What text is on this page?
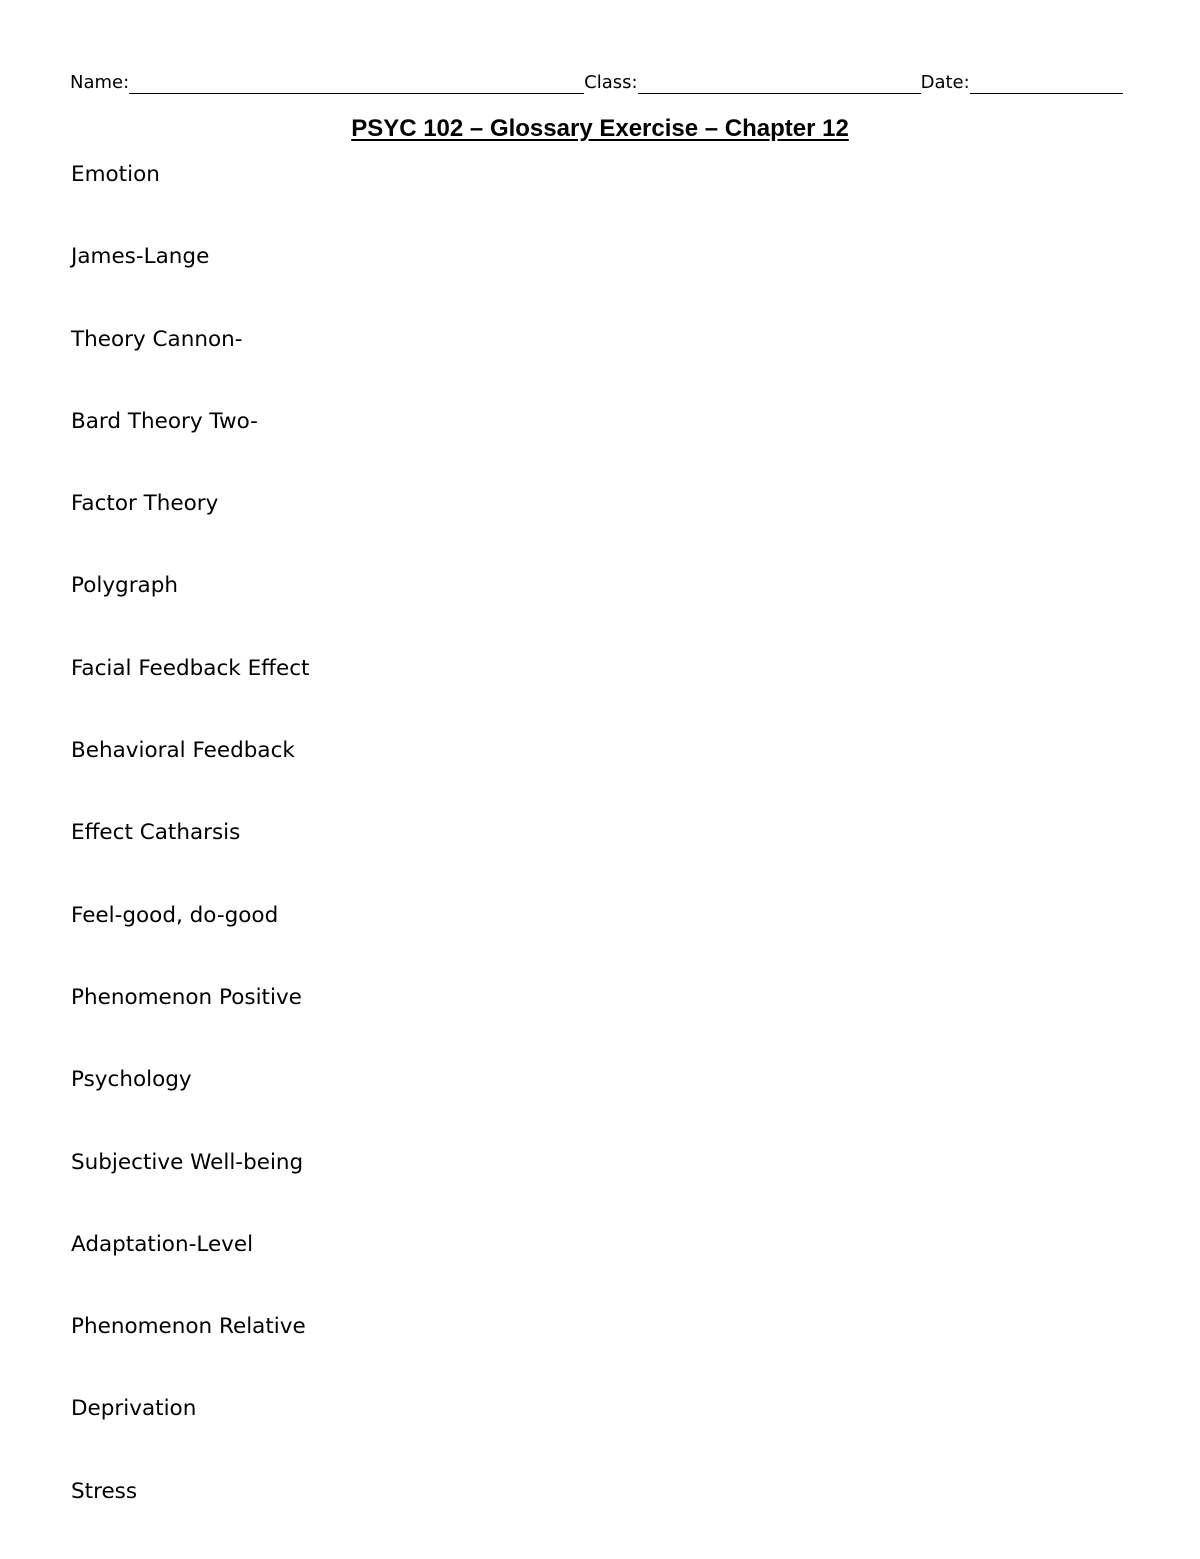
Name:	Class:	Date:
PSYC 102 – Glossary Exercise – Chapter 12
Emotion
James-Lange
Theory Cannon-
Bard Theory Two-
Factor Theory
Polygraph
Facial Feedback Effect
Behavioral Feedback
Effect Catharsis
Feel-good, do-good
Phenomenon Positive
Psychology
Subjective Well-being
Adaptation-Level
Phenomenon Relative
Deprivation
Stress
